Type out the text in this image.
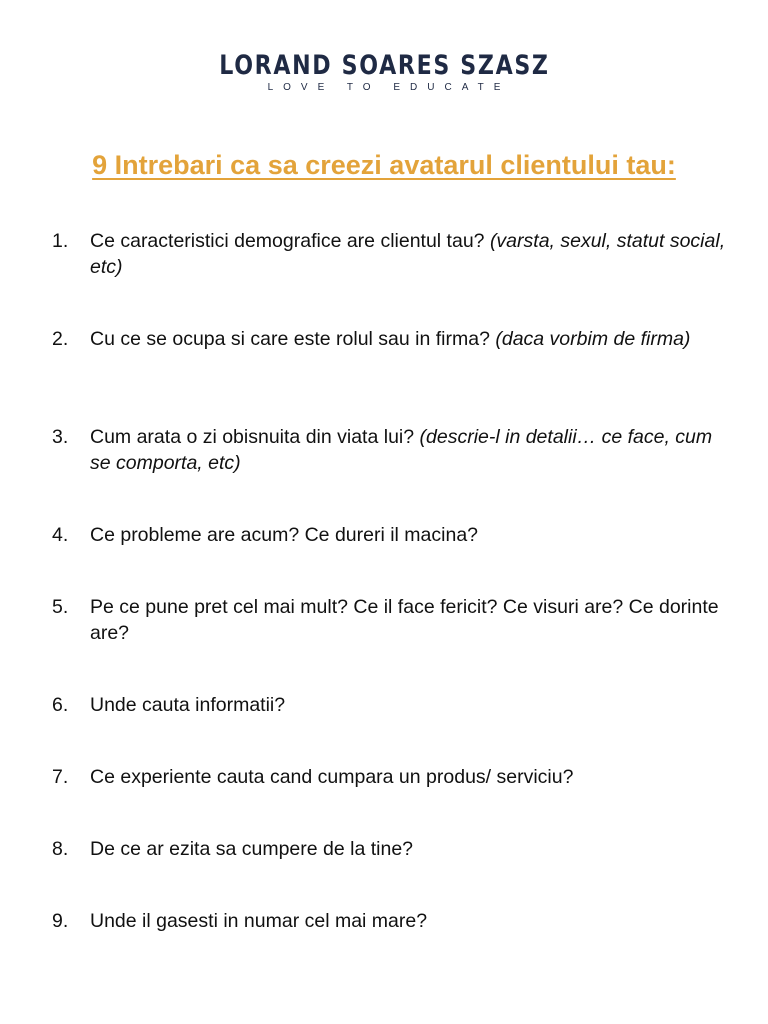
LORAND SOARES SZASZ
LOVE TO EDUCATE
9 Intrebari ca sa creezi avatarul clientului tau:
1.	Ce caracteristici demografice are clientul tau? (varsta, sexul, statut social, etc)
2.	Cu ce se ocupa si care este rolul sau in firma? (daca vorbim de firma)
3.	Cum arata o zi obisnuita din viata lui? (descrie-l in detalii… ce face, cum se comporta, etc)
4.	Ce probleme are acum? Ce dureri il macina?
5.	Pe ce pune pret cel mai mult? Ce il face fericit? Ce visuri are? Ce dorinte are?
6.	Unde cauta informatii?
7.	Ce experiente cauta cand cumpara un produs/ serviciu?
8.	De ce ar ezita sa cumpere de la tine?
9.	Unde il gasesti in numar cel mai mare?
